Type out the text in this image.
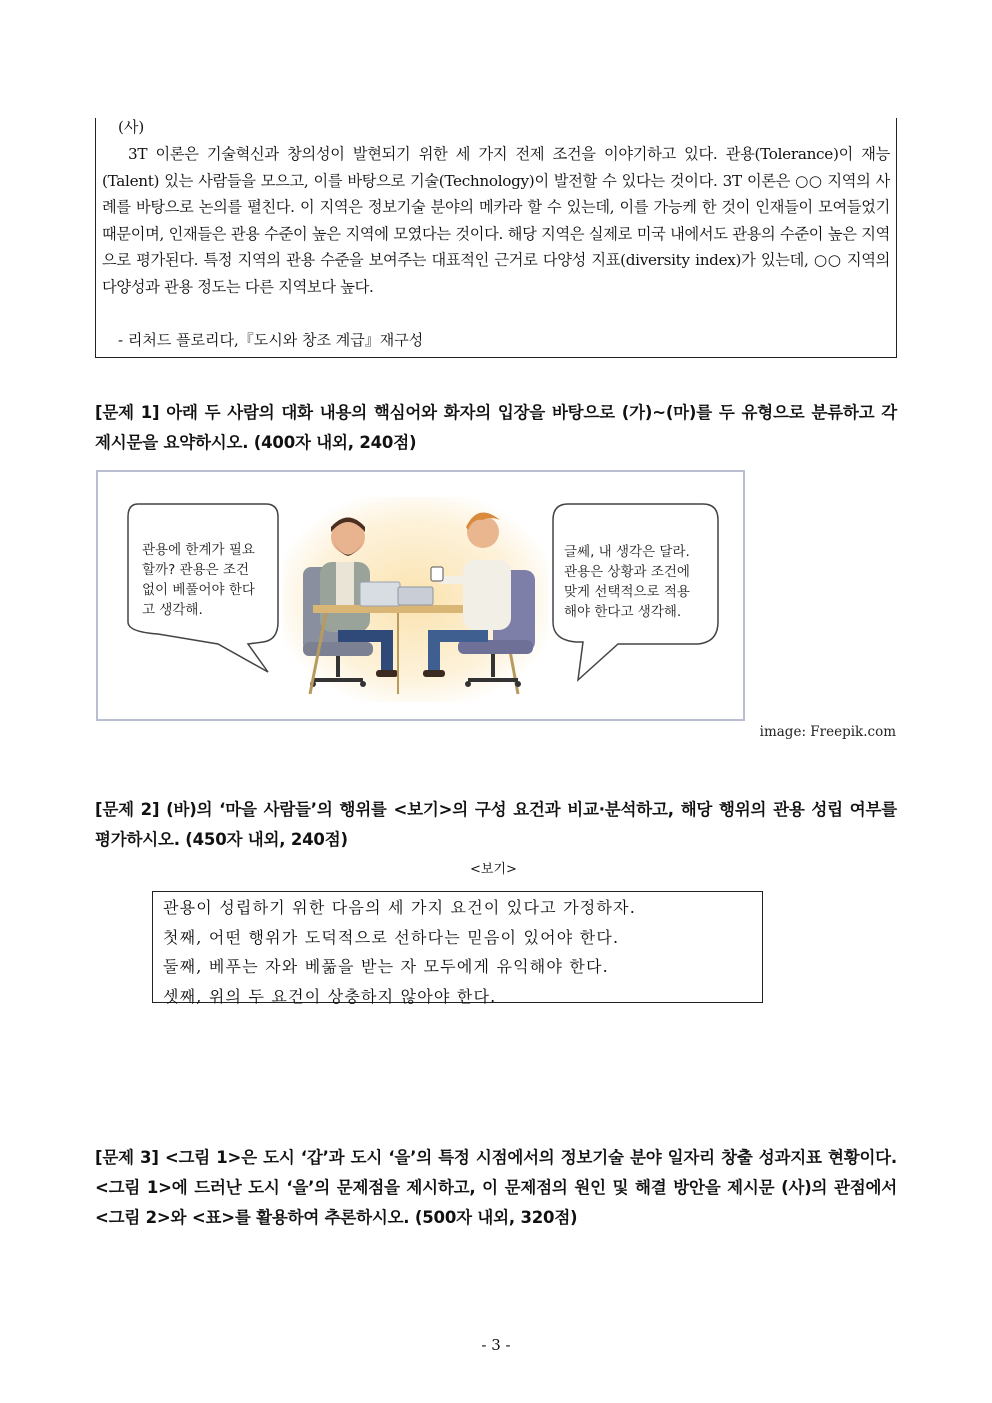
(사)
3T 이론은 기술혁신과 창의성이 발현되기 위한 세 가지 전제 조건을 이야기하고 있다. 관용(Tolerance)이 재능(Talent) 있는 사람들을 모으고, 이를 바탕으로 기술(Technology)이 발전할 수 있다는 것이다. 3T 이론은 ○○ 지역의 사례를 바탕으로 논의를 펼친다. 이 지역은 정보기술 분야의 메카라 할 수 있는데, 이를 가능케 한 것이 인재들이 모여들었기 때문이며, 인재들은 관용 수준이 높은 지역에 모였다는 것이다. 해당 지역은 실제로 미국 내에서도 관용의 수준이 높은 지역으로 평가된다. 특정 지역의 관용 수준을 보여주는 대표적인 근거로 다양성 지표(diversity index)가 있는데, ○○ 지역의 다양성과 관용 정도는 다른 지역보다 높다.
- 리처드 플로리다,『도시와 창조 계급』재구성
[문제 1] 아래 두 사람의 대화 내용의 핵심어와 화자의 입장을 바탕으로 (가)~(마)를 두 유형으로 분류하고 각 제시문을 요약하시오. (400자 내외, 240점)
관용에 한계가 필요
할까? 관용은 조건
없이 베풀어야 한다
고 생각해.
글쎄, 내 생각은 달라.
관용은 상황과 조건에
맞게 선택적으로 적용
해야 한다고 생각해.
image: Freepik.com
[문제 2] (바)의 ‘마을 사람들’의 행위를 <보기>의 구성 요건과 비교·분석하고, 해당 행위의 관용 성립 여부를 평가하시오. (450자 내외, 240점)
<보기>
관용이 성립하기 위한 다음의 세 가지 요건이 있다고 가정하자.
첫째, 어떤 행위가 도덕적으로 선하다는 믿음이 있어야 한다.
둘째, 베푸는 자와 베풂을 받는 자 모두에게 유익해야 한다.
셋째, 위의 두 요건이 상충하지 않아야 한다.
[문제 3] <그림 1>은 도시 ‘갑’과 도시 ‘을’의 특정 시점에서의 정보기술 분야 일자리 창출 성과지표 현황이다. <그림 1>에 드러난 도시 ‘을’의 문제점을 제시하고, 이 문제점의 원인 및 해결 방안을 제시문 (사)의 관점에서 <그림 2>와 <표>를 활용하여 추론하시오. (500자 내외, 320점)
- 3 -
